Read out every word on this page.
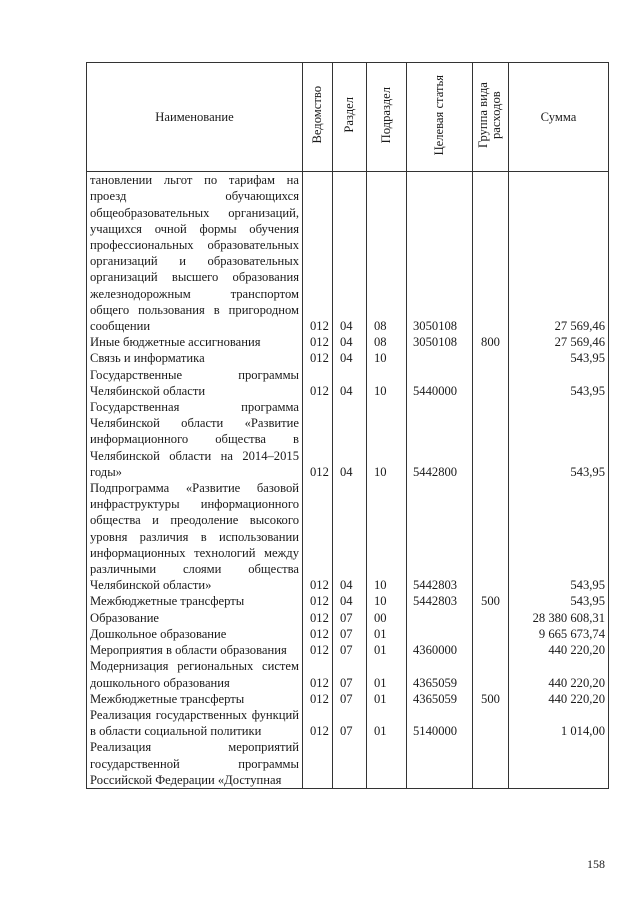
Наименование	Ведомство	Раздел	Подраздел	Целевая статья	Группа вида расходов	Сумма
тановлении льгот по тарифам на проезд обучающихся общеобразовательных организаций, учащихся очной формы обучения профессиональных образовательных организаций и образовательных организаций высшего образования железнодорожным транспортом общего пользования в пригородном сообщении	012	04	08	3050108		27 569,46
Иные бюджетные ассигнования	012	04	08	3050108	800	27 569,46
Связь и информатика	012	04	10			543,95
Государственные программы Челябинской области	012	04	10	5440000		543,95
Государственная программа Челябинской области «Развитие информационного общества в Челябинской области на 2014–2015 годы»	012	04	10	5442800		543,95
Подпрограмма «Развитие базовой инфраструктуры информационного общества и преодоление высокого уровня различия в использовании информационных технологий между различными слоями общества Челябинской области»	012	04	10	5442803		543,95
Межбюджетные трансферты	012	04	10	5442803	500	543,95
Образование	012	07	00			28 380 608,31
Дошкольное образование	012	07	01			9 665 673,74
Мероприятия в области образования	012	07	01	4360000		440 220,20
Модернизация региональных систем дошкольного образования	012	07	01	4365059		440 220,20
Межбюджетные трансферты	012	07	01	4365059	500	440 220,20
Реализация государственных функций в области социальной политики	012	07	01	5140000		1 014,00
Реализация мероприятий государственной программы Российской Федерации «Доступная						
158
